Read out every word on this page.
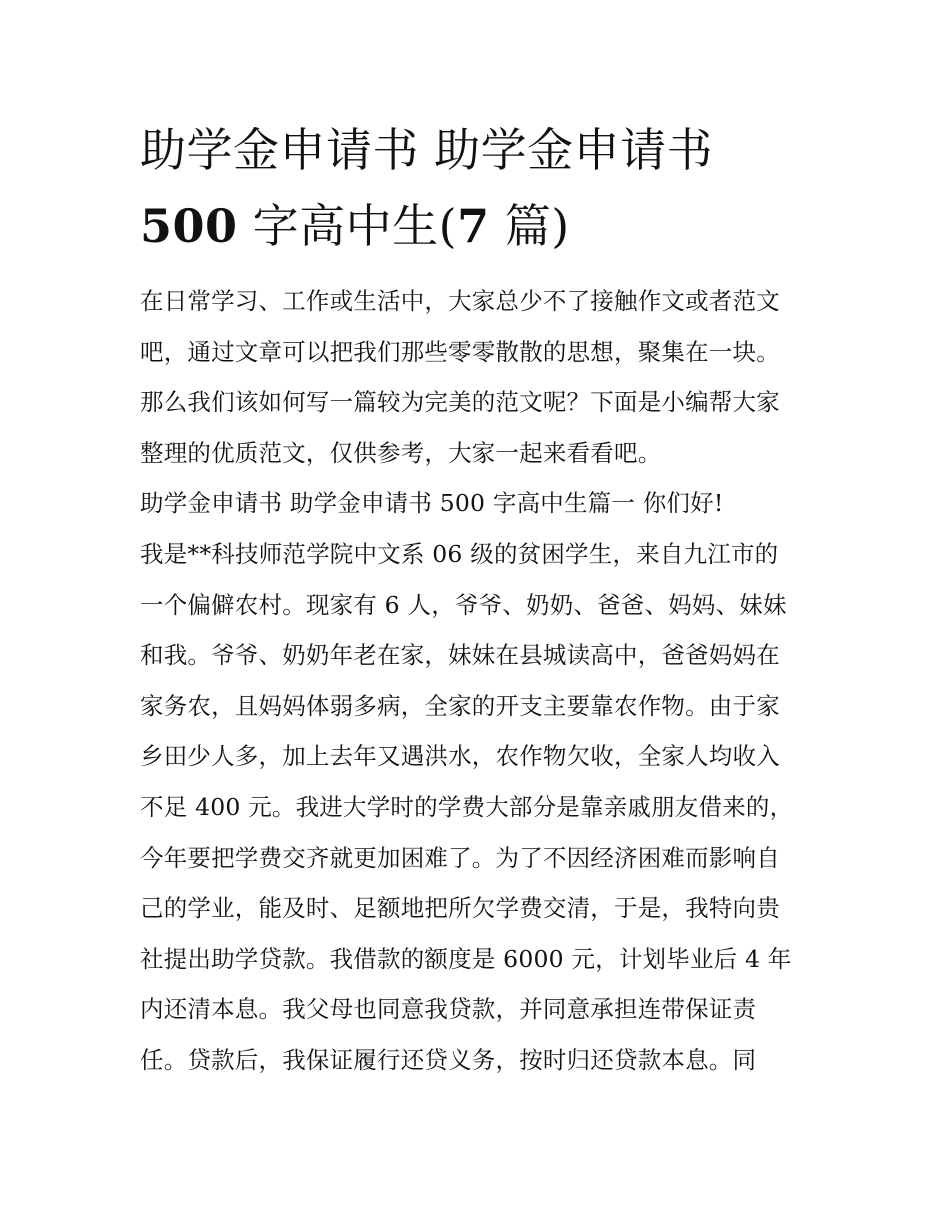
助学金申请书 助学金申请书
500 字高中生(7 篇)
在日常学习、工作或生活中，大家总少不了接触作文或者范文
吧，通过文章可以把我们那些零零散散的思想，聚集在一块。
那么我们该如何写一篇较为完美的范文呢？下面是小编帮大家
整理的优质范文，仅供参考，大家一起来看看吧。
助学金申请书 助学金申请书 500 字高中生篇一 你们好!
我是**科技师范学院中文系 06 级的贫困学生，来自九江市的
一个偏僻农村。现家有 6 人，爷爷、奶奶、爸爸、妈妈、妹妹
和我。爷爷、奶奶年老在家，妹妹在县城读高中，爸爸妈妈在
家务农，且妈妈体弱多病，全家的开支主要靠农作物。由于家
乡田少人多，加上去年又遇洪水，农作物欠收，全家人均收入
不足 400 元。我进大学时的学费大部分是靠亲戚朋友借来的，
今年要把学费交齐就更加困难了。为了不因经济困难而影响自
己的学业，能及时、足额地把所欠学费交清，于是，我特向贵
社提出助学贷款。我借款的额度是 6000 元，计划毕业后 4 年
内还清本息。我父母也同意我贷款，并同意承担连带保证责
任。贷款后，我保证履行还贷义务，按时归还贷款本息。同
